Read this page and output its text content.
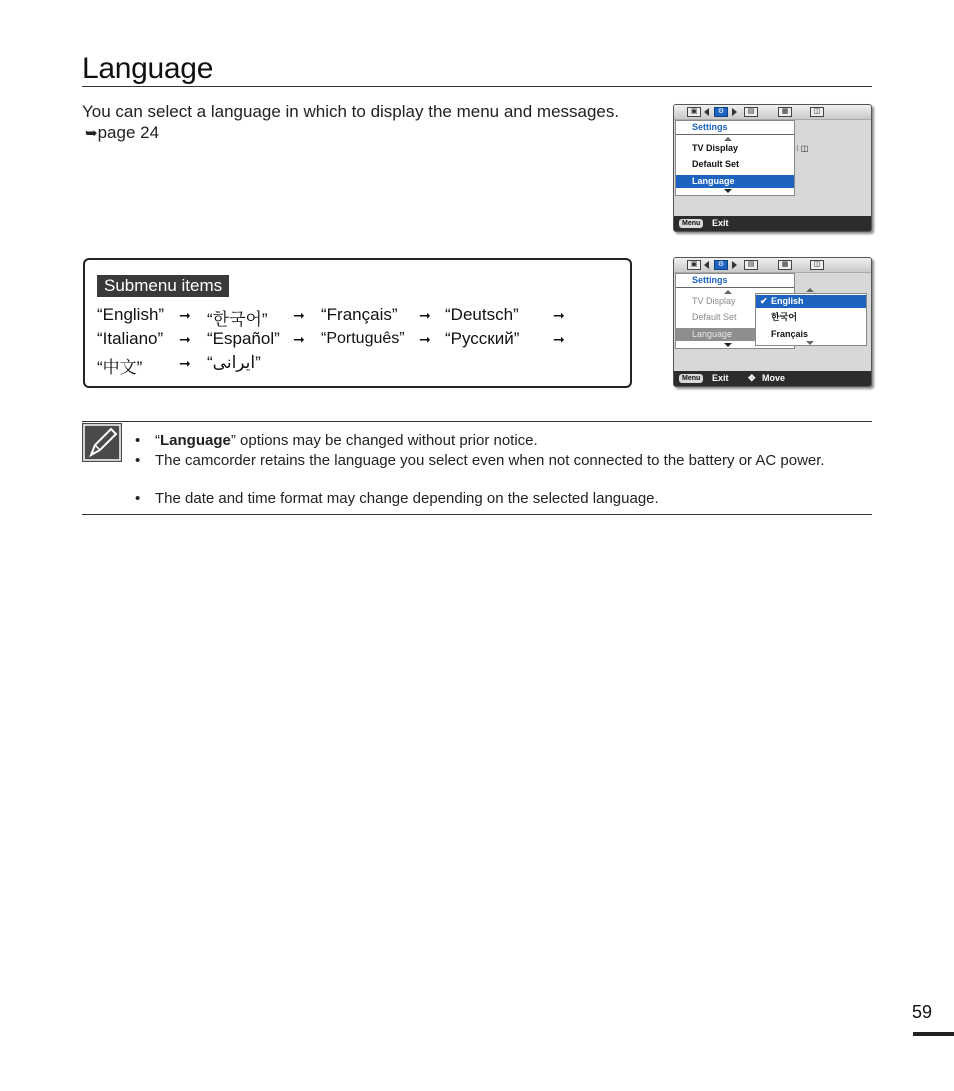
Language
You can select a language in which to display the menu and messages. ➥page 24
▣	⚙	▤	▦	◫
Settings
TV Display
Default Set
Language
⁝ ◫
Menu	Exit
▣	⚙	▤	▦	◫
Settings
TV Display
Default Set
Language
✔ English
한국어
Français
Menu	Exit ✥ Move
Submenu items
“English” ➞ “한국어” ➞ “Français” ➞ “Deutsch” ➞
“Italiano” ➞ “Español” ➞ “Português” ➞ “Русский” ➞
“中文”	➞ “ایرانی”
• “Language” options may be changed without prior notice.
• The camcorder retains the language you select even when not connected to the battery or AC power.
• The date and time format may change depending on the selected language.
59
